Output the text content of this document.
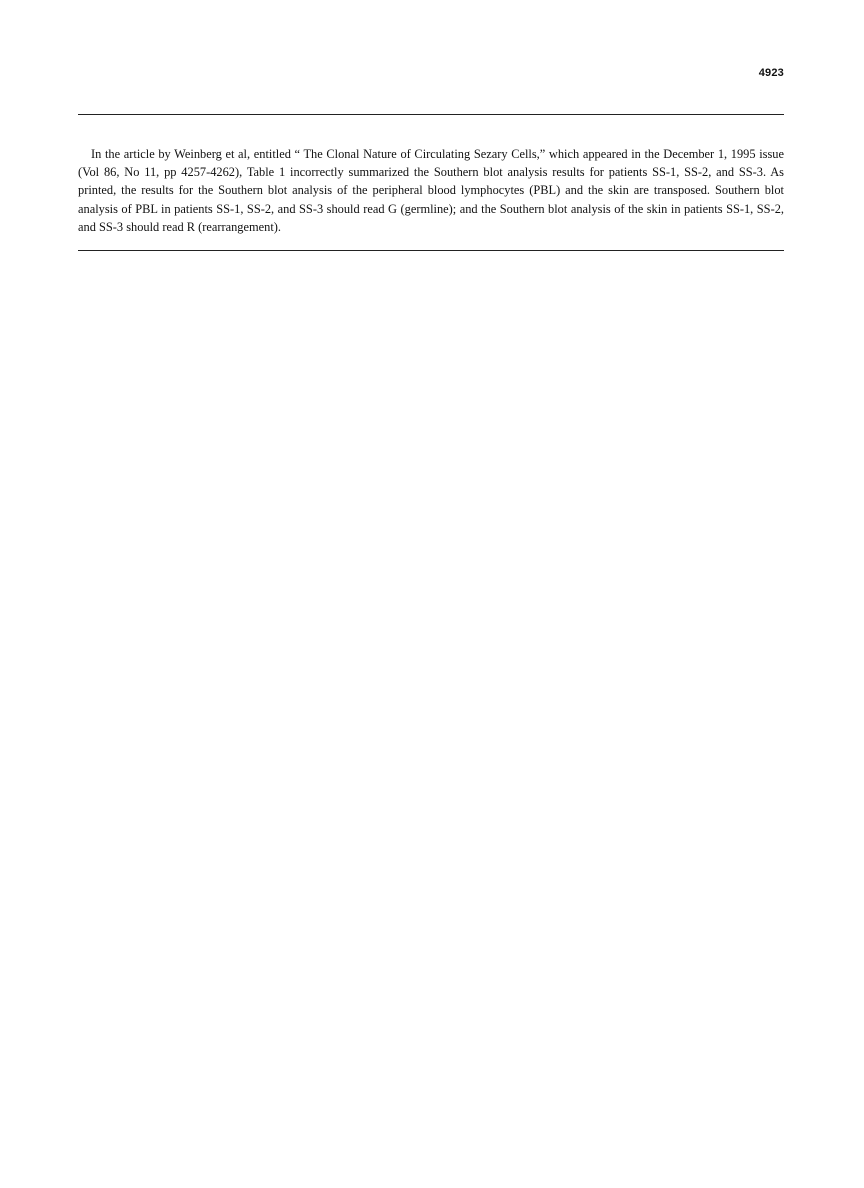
4923

In the article by Weinberg et al, entitled “ The Clonal Nature of Circulating Sezary Cells,” which appeared in the December 1, 1995 issue (Vol 86, No 11, pp 4257-4262), Table 1 incorrectly summarized the Southern blot analysis results for patients SS-1, SS-2, and SS-3. As printed, the results for the Southern blot analysis of the peripheral blood lymphocytes (PBL) and the skin are transposed. Southern blot analysis of PBL in patients SS-1, SS-2, and SS-3 should read G (germline); and the Southern blot analysis of the skin in patients SS-1, SS-2, and SS-3 should read R (rearrangement).
